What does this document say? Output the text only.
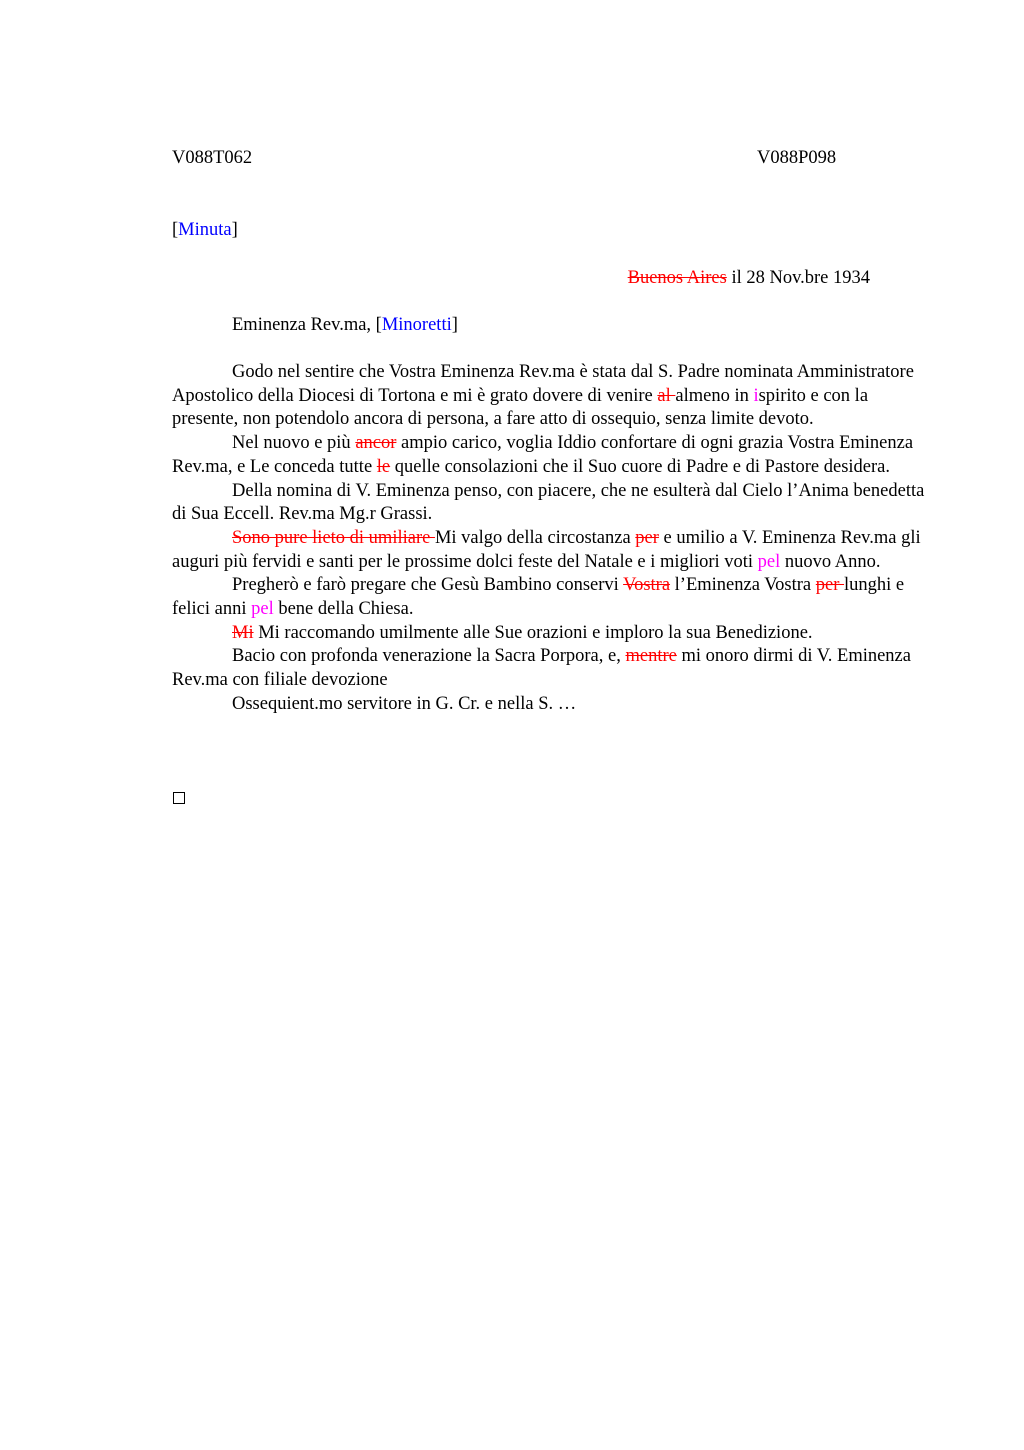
V088T062	V088P098
[Minuta]
Buenos Aires il 28 Nov.bre 1934
Eminenza Rev.ma, [Minoretti]

Godo nel sentire che Vostra Eminenza Rev.ma è stata dal S. Padre nominata Amministratore Apostolico della Diocesi di Tortona e mi è grato dovere di venire al almeno in ispirito e con la presente, non potendolo ancora di persona, a fare atto di ossequio, senza limite devoto.

Nel nuovo e più ancor ampio carico, voglia Iddio confortare di ogni grazia Vostra Eminenza Rev.ma, e Le conceda tutte le quelle consolazioni che il Suo cuore di Padre e di Pastore desidera.

Della nomina di V. Eminenza penso, con piacere, che ne esulterà dal Cielo l’Anima benedetta di Sua Eccell. Rev.ma Mg.r Grassi.

Sono pure lieto di umiliare Mi valgo della circostanza per e umilio a V. Eminenza Rev.ma gli auguri più fervidi e santi per le prossime dolci feste del Natale e i migliori voti pel nuovo Anno.

Pregherò e farò pregare che Gesù Bambino conservi Vostra l’Eminenza Vostra per lunghi e felici anni pel bene della Chiesa.

Mi Mi raccomando umilmente alle Sue orazioni e imploro la sua Benedizione.

Bacio con profonda venerazione la Sacra Porpora, e, mentre mi onoro dirmi di V. Eminenza Rev.ma con filiale devozione

Ossequient.mo servitore in G. Cr. e nella S. …
